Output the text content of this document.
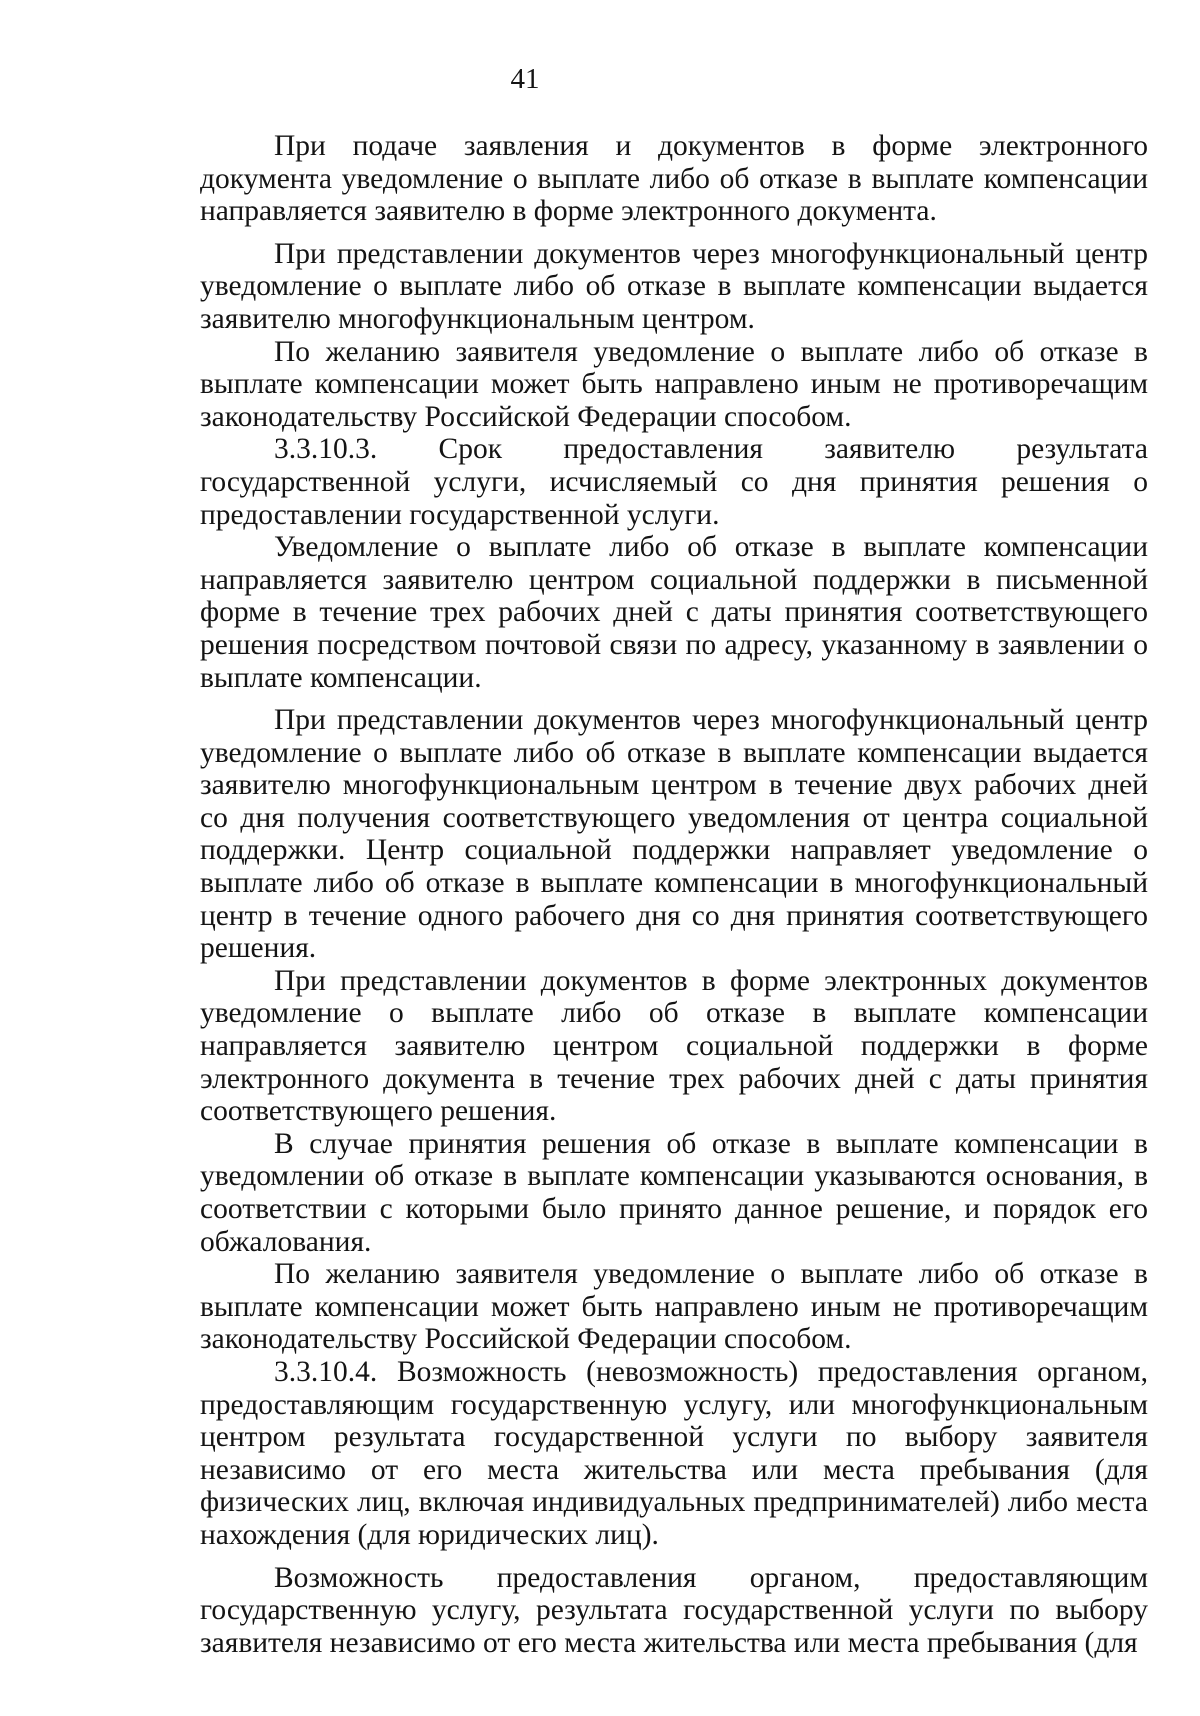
41

При подаче заявления и документов в форме электронного документа уведомление о выплате либо об отказе в выплате компенсации направляется заявителю в форме электронного документа.

При представлении документов через многофункциональный центр уведомление о выплате либо об отказе в выплате компенсации выдается заявителю многофункциональным центром.

По желанию заявителя уведомление о выплате либо об отказе в выплате компенсации может быть направлено иным не противоречащим законодательству Российской Федерации способом.

3.3.10.3. Срок предоставления заявителю результата государственной услуги, исчисляемый со дня принятия решения о предоставлении государственной услуги.

Уведомление о выплате либо об отказе в выплате компенсации направляется заявителю центром социальной поддержки в письменной форме в течение трех рабочих дней с даты принятия соответствующего решения посредством почтовой связи по адресу, указанному в заявлении о выплате компенсации.

При представлении документов через многофункциональный центр уведомление о выплате либо об отказе в выплате компенсации выдается заявителю многофункциональным центром в течение двух рабочих дней со дня получения соответствующего уведомления от центра социальной поддержки. Центр социальной поддержки направляет уведомление о выплате либо об отказе в выплате компенсации в многофункциональный центр в течение одного рабочего дня со дня принятия соответствующего решения.

При представлении документов в форме электронных документов уведомление о выплате либо об отказе в выплате компенсации направляется заявителю центром социальной поддержки в форме электронного документа в течение трех рабочих дней с даты принятия соответствующего решения.

В случае принятия решения об отказе в выплате компенсации в уведомлении об отказе в выплате компенсации указываются основания, в соответствии с которыми было принято данное решение, и порядок его обжалования.

По желанию заявителя уведомление о выплате либо об отказе в выплате компенсации может быть направлено иным не противоречащим законодательству Российской Федерации способом.

3.3.10.4. Возможность (невозможность) предоставления органом, предоставляющим государственную услугу, или многофункциональным центром результата государственной услуги по выбору заявителя независимо от его места жительства или места пребывания (для физических лиц, включая индивидуальных предпринимателей) либо места нахождения (для юридических лиц).

Возможность предоставления органом, предоставляющим государственную услугу, результата государственной услуги по выбору заявителя независимо от его места жительства или места пребывания (для
